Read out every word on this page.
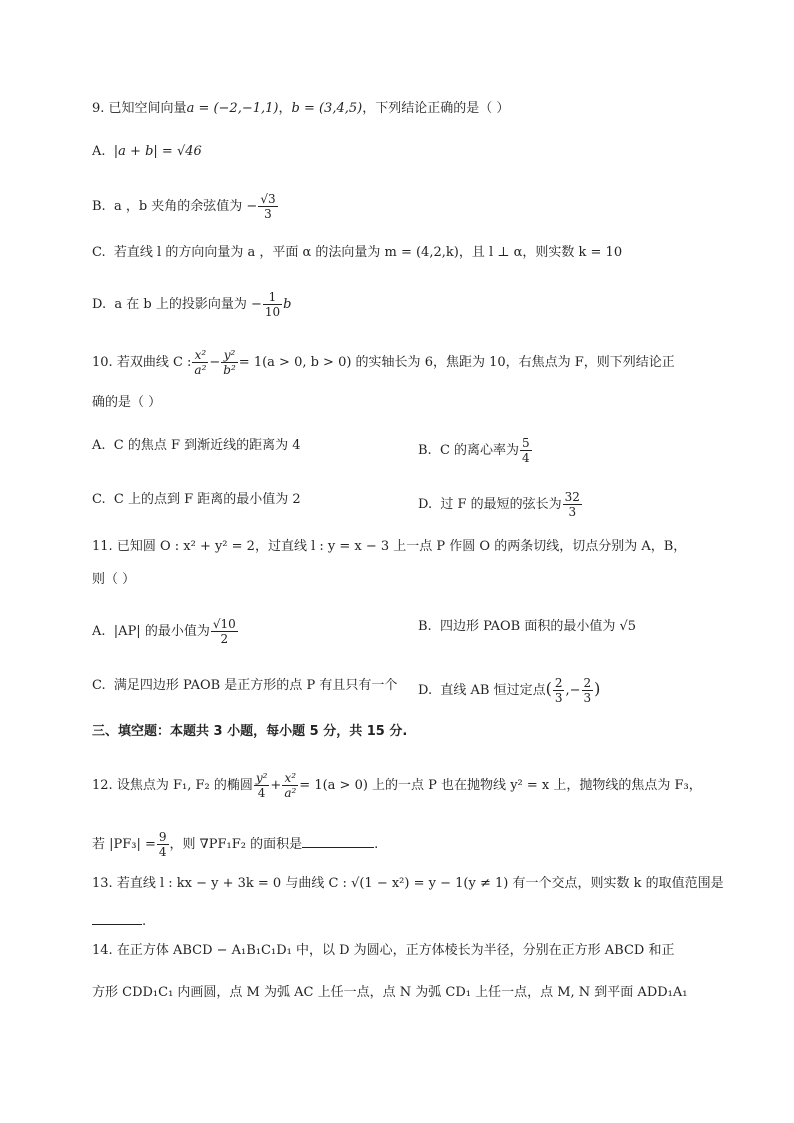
9. 已知空间向量a = (−2,−1,1)，b = (3,4,5)，下列结论正确的是（ ）
A. |a + b| = √46
B. a ，b 夹角的余弦值为 − $\frac{√3}{3}$
C. 若直线 l 的方向向量为 a ，平面 α 的法向量为 m = (4,2,k)，且 l ⊥ α，则实数 k = 10
D. a 在 b 上的投影向量为 − $\frac{1}{10}$ b
10. 若双曲线 C : $\frac{\text{x²}}{\text{a²}} - \frac{\text{y²}}{\text{b²}} = 1(a > 0$, b > 0) 的实轴长为 6，焦距为 10，右焦点为 F，则下列结论正
确的是（ ）
A. C 的焦点 F 到渐近线的距离为 4	B. C 的离心率为 $\frac{5}{4}$
C. C 上的点到 F 距离的最小值为 2	D. 过 F 的最短的弦长为 $\frac{32}{3}$
11. 已知圆 O : x² + y² = 2，过直线 l : y = x − 3 上一点 P 作圆 O 的两条切线，切点分别为 A，B，
则（ ）
A. |AP| 的最小值为 $\frac{√10}{2}$	B. 四边形 PAOB 面积的最小值为 √5
C. 满足四边形 PAOB 是正方形的点 P 有且只有一个 D. 直线 AB 恒过定点( $\frac{2}{3}$ ,− $\frac{2}{3}$ )
三、填空题：本题共 3 小题，每小题 5 分，共 15 分.
12. 设焦点为 F₁, F₂ 的椭圆 $\frac{\text{y²}}{4} + \frac{\text{x²}}{\text{a²}} = 1(a > 0)$ 上的一点 P 也在抛物线 y² = x 上，抛物线的焦点为 F₃，
若 $|PF_3| = \frac{9}{4}$ ，则 ∇PF₁F₂ 的面积是	.
13. 若直线 l : kx − y + 3k = 0 与曲线 C : √(1 − x²) = y − 1(y ≠ 1) 有一个交点，则实数 k 的取值范围是
.
14. 在正方体 ABCD − A₁B₁C₁D₁ 中，以 D 为圆心，正方体棱长为半径，分别在正方形 ABCD 和正
方形 CDD₁C₁ 内画圆，点 M 为弧 AC 上任一点，点 N 为弧 CD₁ 上任一点，点 M, N 到平面 ADD₁A₁
